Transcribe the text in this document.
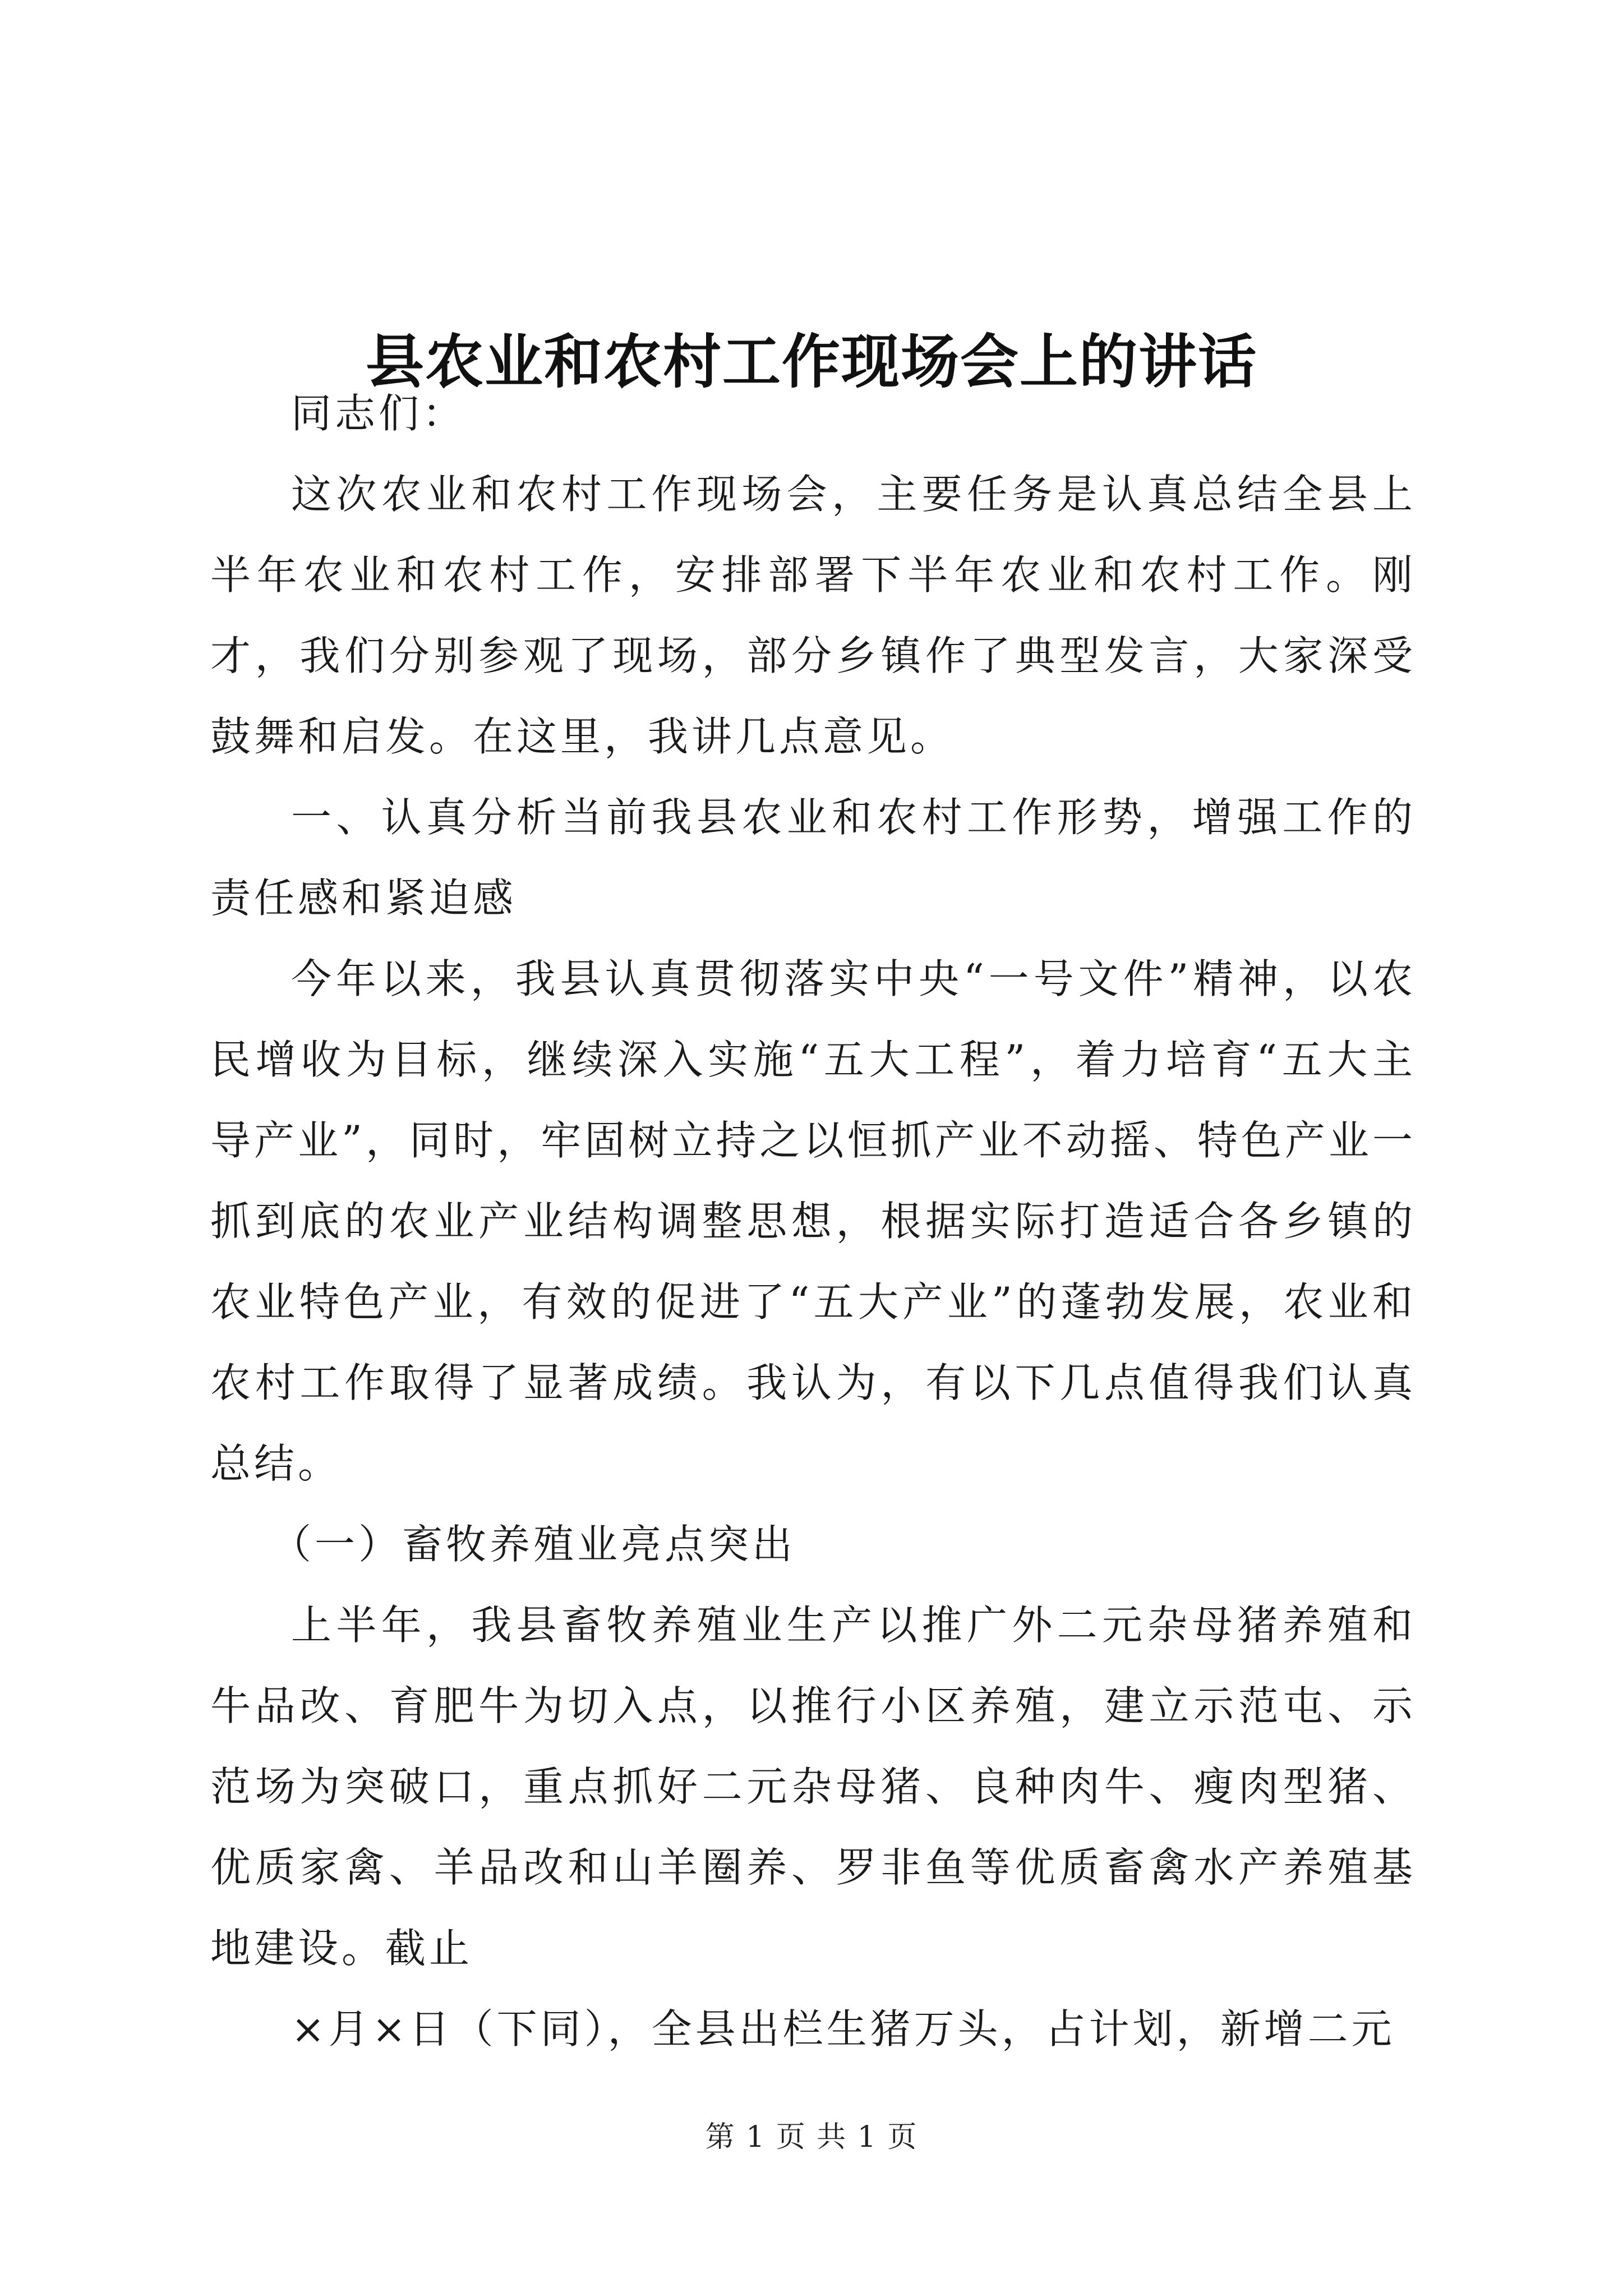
县农业和农村工作现场会上的讲话

同志们：

这次农业和农村工作现场会，主要任务是认真总结全县上半年农业和农村工作，安排部署下半年农业和农村工作。刚才，我们分别参观了现场，部分乡镇作了典型发言，大家深受鼓舞和启发。在这里，我讲几点意见。

一、认真分析当前我县农业和农村工作形势，增强工作的责任感和紧迫感

今年以来，我县认真贯彻落实中央“一号文件”精神，以农民增收为目标，继续深入实施“五大工程”，着力培育“五大主导产业”，同时，牢固树立持之以恒抓产业不动摇、特色产业一抓到底的农业产业结构调整思想，根据实际打造适合各乡镇的农业特色产业，有效的促进了“五大产业”的蓬勃发展，农业和农村工作取得了显著成绩。我认为，有以下几点值得我们认真总结。

（一）畜牧养殖业亮点突出

上半年，我县畜牧养殖业生产以推广外二元杂母猪养殖和牛品改、育肥牛为切入点，以推行小区养殖，建立示范屯、示范场为突破口，重点抓好二元杂母猪、良种肉牛、瘦肉型猪、优质家禽、羊品改和山羊圈养、罗非鱼等优质畜禽水产养殖基地建设。截止

×月×日（下同），全县出栏生猪万头，占计划，新增二元

第 1 页 共 1 页
